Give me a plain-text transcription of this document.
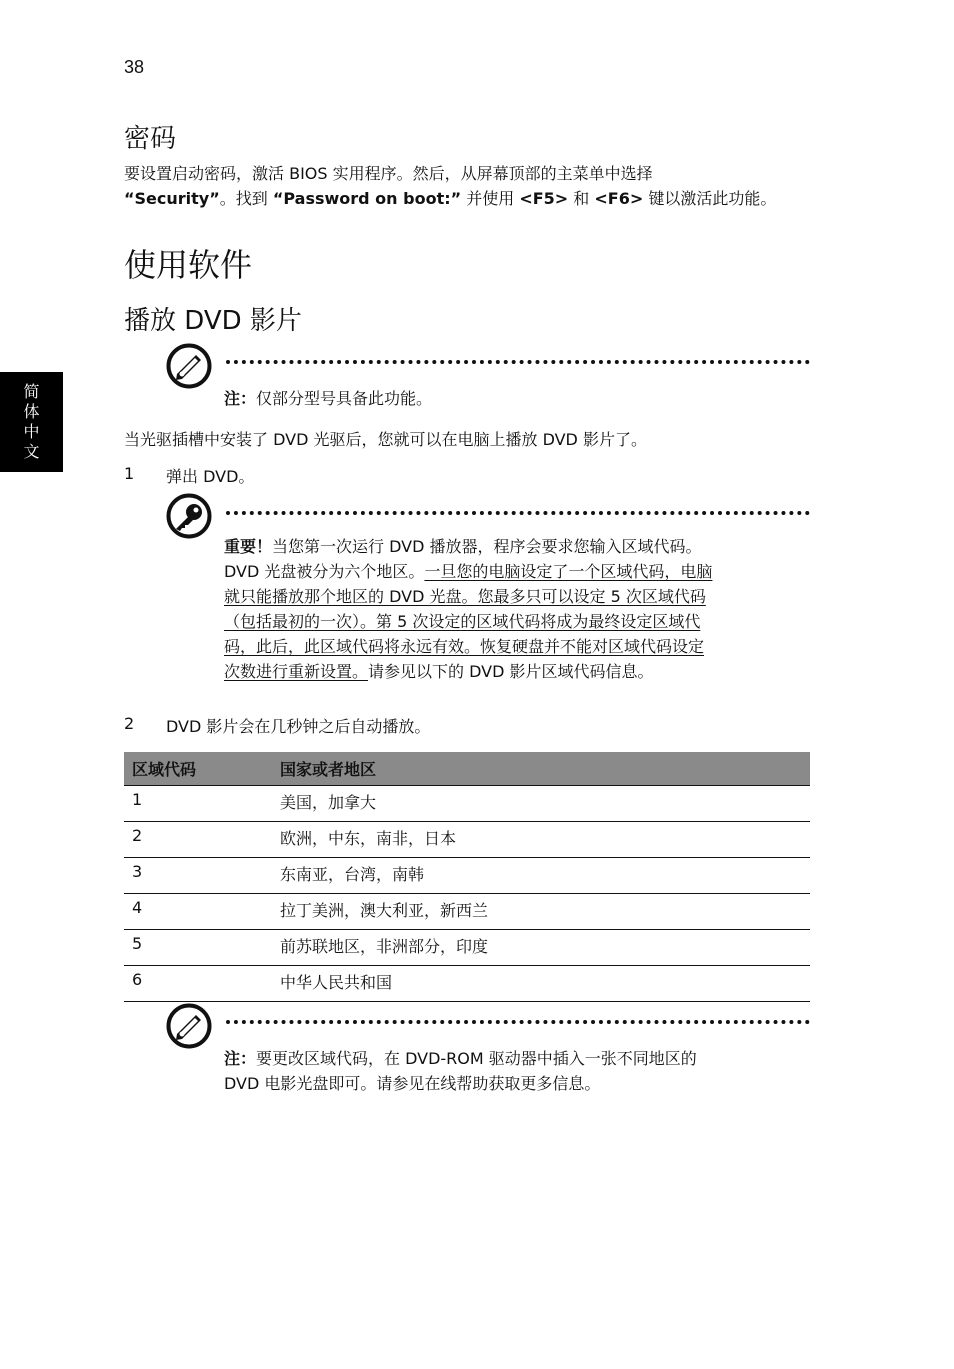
38
简体中文
密码
要设置启动密码，激活 BIOS 实用程序。然后，从屏幕顶部的主菜单中选择
“Security”。找到 “Password on boot:” 并使用 <F5> 和 <F6> 键以激活此功能。
使用软件
播放 DVD 影片
注：仅部分型号具备此功能。
当光驱插槽中安装了 DVD 光驱后，您就可以在电脑上播放 DVD 影片了。
1 弹出 DVD。
重要！当您第一次运行 DVD 播放器，程序会要求您输入区域代码。
DVD 光盘被分为六个地区。一旦您的电脑设定了一个区域代码，电脑
就只能播放那个地区的 DVD 光盘。您最多只可以设定 5 次区域代码
（包括最初的一次）。第 5 次设定的区域代码将成为最终设定区域代
码，此后，此区域代码将永远有效。恢复硬盘并不能对区域代码设定
次数进行重新设置。请参见以下的 DVD 影片区域代码信息。
2 DVD 影片会在几秒钟之后自动播放。
区域代码	国家或者地区
1	美国，加拿大
2	欧洲，中东，南非，日本
3	东南亚，台湾，南韩
4	拉丁美洲，澳大利亚，新西兰
5	前苏联地区，非洲部分，印度
6	中华人民共和国
注：要更改区域代码，在 DVD-ROM 驱动器中插入一张不同地区的
DVD 电影光盘即可。请参见在线帮助获取更多信息。
